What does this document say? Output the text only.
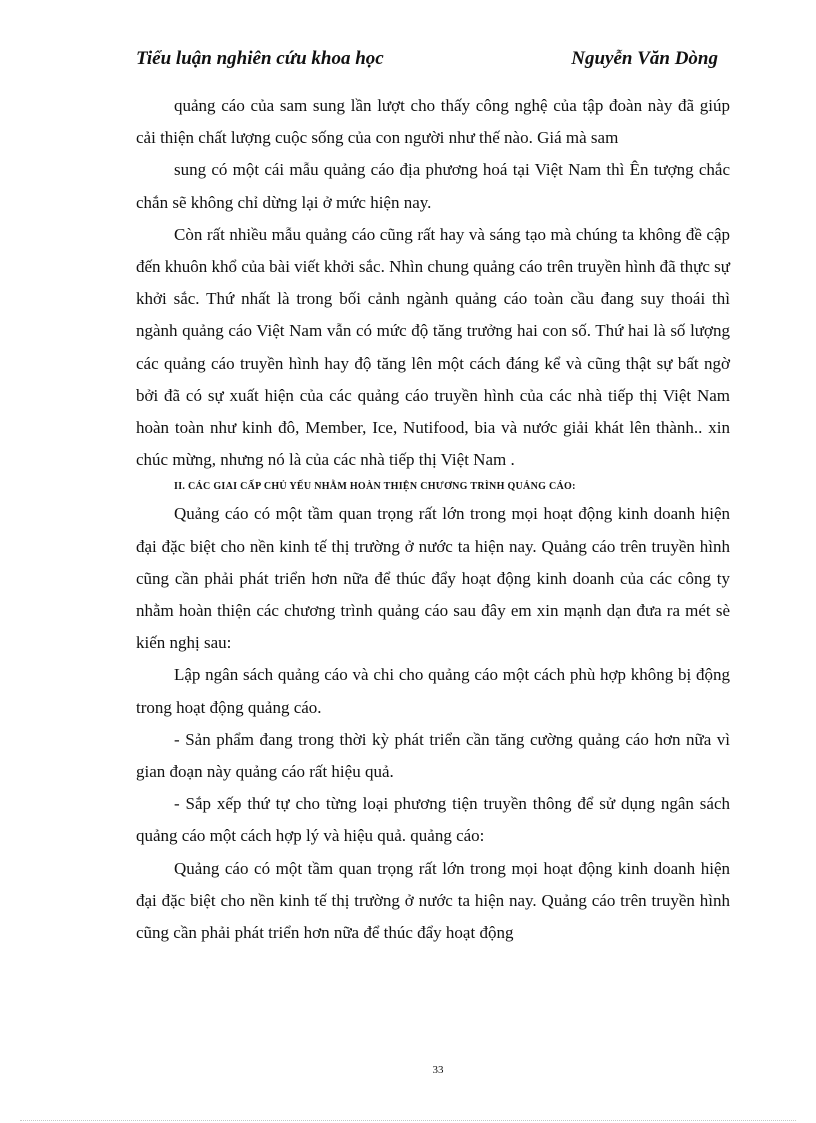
Tiểu luận nghiên cứu khoa học	Nguyễn Văn Dòng

quảng cáo của sam sung lần lượt cho thấy công nghệ của tập đoàn này đã giúp cải thiện chất lượng cuộc sống của con người như thế nào. Giá mà sam

sung có một cái mẫu quảng cáo địa phương hoá tại Việt Nam thì Ên tượng chắc chắn sẽ không chỉ dừng lại ở mức hiện nay.

Còn rất nhiều mẫu quảng cáo cũng rất hay và sáng tạo mà chúng ta không đề cập đến khuôn khổ của bài viết khởi sắc. Nhìn chung quảng cáo trên truyền hình đã thực sự khởi sắc. Thứ nhất là trong bối cảnh ngành quảng cáo toàn cầu đang suy thoái thì ngành quảng cáo Việt Nam vẫn có mức độ tăng trưởng hai con số. Thứ hai là số lượng các quảng cáo truyền hình hay độ tăng lên một cách đáng kể và cũng thật sự bất ngờ bởi đã có sự xuất hiện của các quảng cáo truyền hình của các nhà tiếp thị Việt Nam hoàn toàn như kinh đô, Member, Ice, Nutifood, bia và nước giải khát lên thành.. xin chúc mừng, nhưng nó là của các nhà tiếp thị Việt Nam .

II. CÁC GIAI CẤP CHỦ YẾU NHẰM HOÀN THIỆN CHƯƠNG TRÌNH QUẢNG CÁO:

Quảng cáo có một tầm quan trọng rất lớn trong mọi hoạt động kinh doanh hiện đại đặc biệt cho nền kinh tế thị trường ở nước ta hiện nay. Quảng cáo trên truyền hình cũng cần phải phát triển hơn nữa để thúc đẩy hoạt động kinh doanh của các công ty nhằm hoàn thiện các chương trình quảng cáo sau đây em xin mạnh dạn đưa ra mét sè kiến nghị sau:

Lập ngân sách quảng cáo và chi cho quảng cáo một cách phù hợp không bị động trong hoạt động quảng cáo.

- Sản phẩm đang trong thời kỳ phát triển cần tăng cường quảng cáo hơn nữa vì gian đoạn này quảng cáo rất hiệu quả.

- Sắp xếp thứ tự cho từng loại phương tiện truyền thông để sử dụng ngân sách quảng cáo một cách hợp lý và hiệu quả. quảng cáo:

Quảng cáo có một tầm quan trọng rất lớn trong mọi hoạt động kinh doanh hiện đại đặc biệt cho nền kinh tế thị trường ở nước ta hiện nay. Quảng cáo trên truyền hình cũng cần phải phát triển hơn nữa để thúc đẩy hoạt động

33
